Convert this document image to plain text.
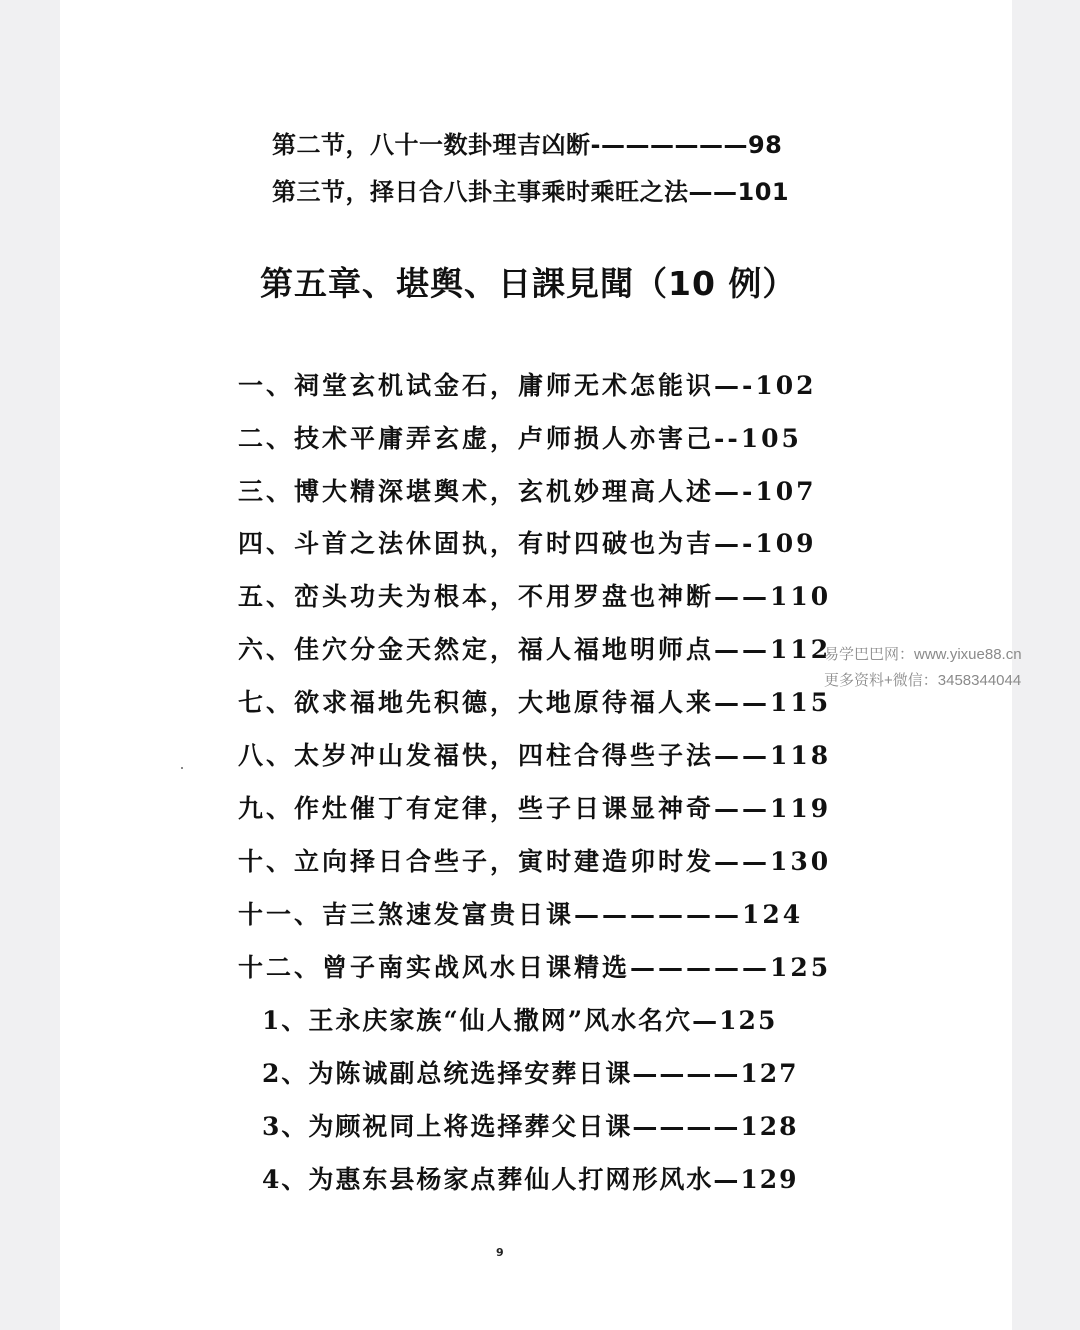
第二节，八十一数卦理吉凶断-——————98
第三节，择日合八卦主事乘时乘旺之法——101
第五章、堪舆、日課見聞（10 例）
一、祠堂玄机试金石，庸师无术怎能识—-102
二、技术平庸弄玄虚，卢师损人亦害己--105
三、博大精深堪舆术，玄机妙理高人述—-107
四、斗首之法休固执，有时四破也为吉—-109
五、峦头功夫为根本，不用罗盘也神断——110
六、佳穴分金天然定，福人福地明师点——112
七、欲求福地先积德，大地原待福人来——115
八、太岁冲山发福快，四柱合得些子法——118
九、作灶催丁有定律，些子日课显神奇——119
十、立向择日合些子，寅时建造卯时发——130
十一、吉三煞速发富贵日课——————124
十二、曾子南实战风水日课精选—————125
1、王永庆家族“仙人撒网”风水名穴—125
2、为陈诚副总统选择安葬日课————127
3、为顾祝同上将选择葬父日课————128
4、为惠东县杨家点葬仙人打网形风水—129
9
易学巴巴网：www.yixue88.cn
更多资料+微信：3458344044
